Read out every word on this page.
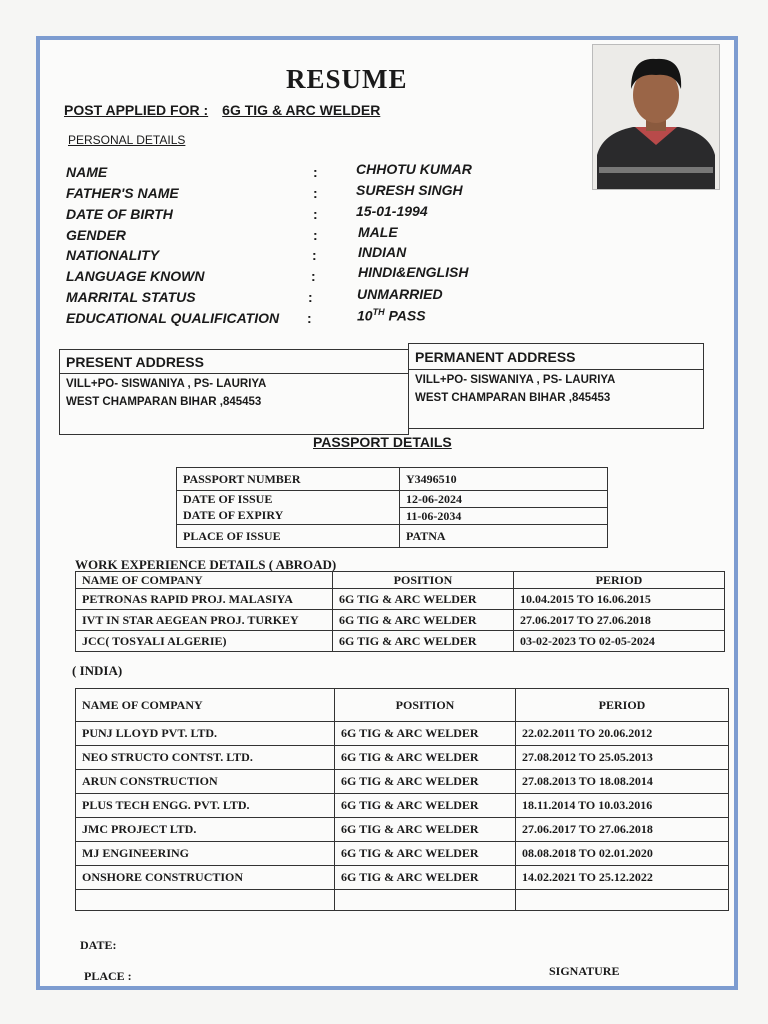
RESUME
POST APPLIED FOR : 6G TIG & ARC WELDER
PERSONAL DETAILS
NAME	:	CHHOTU KUMAR
FATHER'S NAME	:	SURESH SINGH
DATE OF BIRTH	:	15-01-1994
GENDER	:	MALE
NATIONALITY	:	INDIAN
LANGUAGE KNOWN	:	HINDI&ENGLISH
MARRITAL STATUS	:	UNMARRIED
EDUCATIONAL QUALIFICATION :	10TH PASS
PRESENT ADDRESS
VILL+PO- SISWANIYA , PS- LAURIYA
WEST CHAMPARAN BIHAR ,845453
PERMANENT ADDRESS
VILL+PO- SISWANIYA , PS- LAURIYA
WEST CHAMPARAN BIHAR ,845453
PASSPORT DETAILS
PASSPORT NUMBER	Y3496510
DATE OF ISSUE	12-06-2024
DATE OF EXPIRY	11-06-2034
PLACE OF ISSUE	PATNA
WORK EXPERIENCE DETAILS ( ABROAD)
NAME OF COMPANY	POSITION	PERIOD
PETRONAS RAPID PROJ. MALASIYA	6G TIG & ARC WELDER	10.04.2015 TO 16.06.2015
IVT IN STAR AEGEAN PROJ. TURKEY	6G TIG & ARC WELDER	27.06.2017 TO 27.06.2018
JCC( TOSYALI ALGERIE)	6G TIG & ARC WELDER	03-02-2023 TO 02-05-2024
( INDIA)
NAME OF COMPANY	POSITION	PERIOD
PUNJ LLOYD PVT. LTD.	6G TIG & ARC WELDER	22.02.2011 TO 20.06.2012
NEO STRUCTO CONTST. LTD.	6G TIG & ARC WELDER	27.08.2012 TO 25.05.2013
ARUN CONSTRUCTION	6G TIG & ARC WELDER	27.08.2013 TO 18.08.2014
PLUS TECH ENGG. PVT. LTD.	6G TIG & ARC WELDER	18.11.2014 TO 10.03.2016
JMC PROJECT LTD.	6G TIG & ARC WELDER	27.06.2017 TO 27.06.2018
MJ ENGINEERING	6G TIG & ARC WELDER	08.08.2018 TO 02.01.2020
ONSHORE CONSTRUCTION	6G TIG & ARC WELDER	14.02.2021 TO 25.12.2022

DATE:
PLACE :	SIGNATURE
